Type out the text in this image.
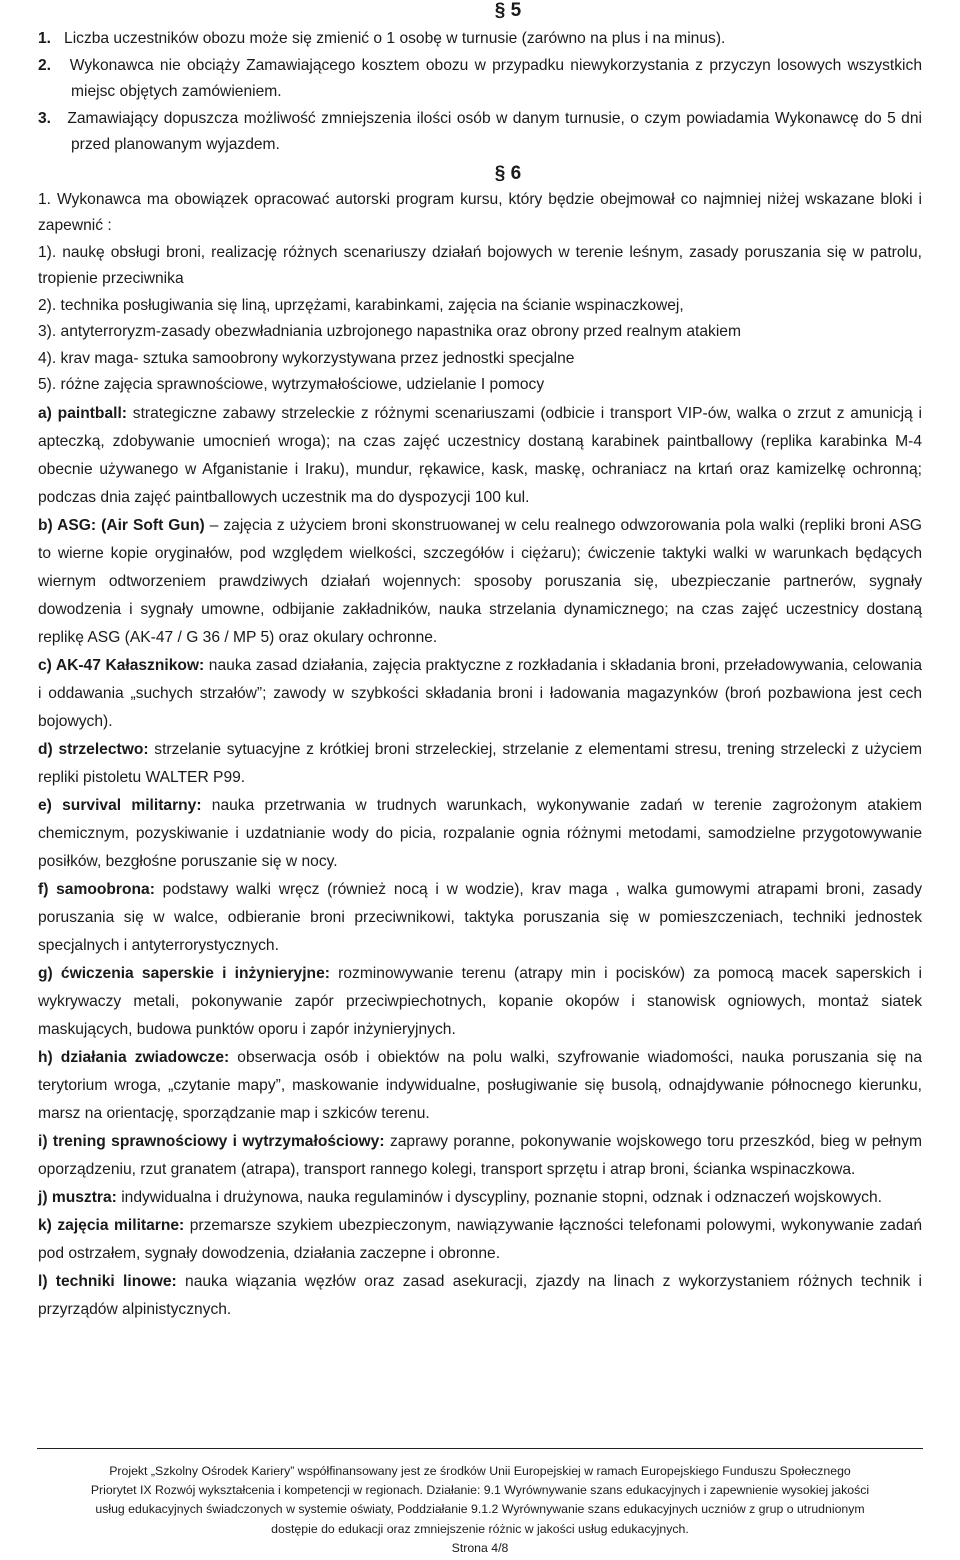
§ 5

1. Liczba uczestników obozu może się zmienić o 1 osobę w turnusie (zarówno na plus i na minus).

2. Wykonawca nie obciąży Zamawiającego kosztem obozu w przypadku niewykorzystania z przyczyn losowych wszystkich miejsc objętych zamówieniem.

3. Zamawiający dopuszcza możliwość zmniejszenia ilości osób w danym turnusie, o czym powiadamia Wykonawcę do 5 dni przed planowanym wyjazdem.

§ 6

1. Wykonawca ma obowiązek opracować autorski program kursu, który będzie obejmował co najmniej niżej wskazane bloki i zapewnić :

1). naukę obsługi broni, realizację różnych scenariuszy działań bojowych w terenie leśnym, zasady poruszania się w patrolu, tropienie przeciwnika

2). technika posługiwania się liną, uprzężami, karabinkami, zajęcia na ścianie wspinaczkowej,

3). antyterroryzm-zasady obezwładniania uzbrojonego napastnika oraz obrony przed realnym atakiem

4). krav maga- sztuka samoobrony wykorzystywana przez jednostki specjalne

5). różne zajęcia sprawnościowe, wytrzymałościowe, udzielanie I pomocy

a) paintball: strategiczne zabawy strzeleckie z różnymi scenariuszami (odbicie i transport VIP-ów, walka o zrzut z amunicją i apteczką, zdobywanie umocnień wroga); na czas zajęć uczestnicy dostaną karabinek paintballowy (replika karabinka M-4 obecnie używanego w Afganistanie i Iraku), mundur, rękawice, kask, maskę, ochraniacz na krtań oraz kamizelkę ochronną; podczas dnia zajęć paintballowych uczestnik ma do dyspozycji 100 kul.

b) ASG: (Air Soft Gun) – zajęcia z użyciem broni skonstruowanej w celu realnego odwzorowania pola walki (repliki broni ASG to wierne kopie oryginałów, pod względem wielkości, szczegółów i ciężaru); ćwiczenie taktyki walki w warunkach będących wiernym odtworzeniem prawdziwych działań wojennych: sposoby poruszania się, ubezpieczanie partnerów, sygnały dowodzenia i sygnały umowne, odbijanie zakładników, nauka strzelania dynamicznego; na czas zajęć uczestnicy dostaną replikę ASG (AK-47 / G 36 / MP 5) oraz okulary ochronne.

c) AK-47 Kałasznikow: nauka zasad działania, zajęcia praktyczne z rozkładania i składania broni, przeładowywania, celowania i oddawania „suchych strzałów”; zawody w szybkości składania broni i ładowania magazynków (broń pozbawiona jest cech bojowych).

d) strzelectwo: strzelanie sytuacyjne z krótkiej broni strzeleckiej, strzelanie z elementami stresu, trening strzelecki z użyciem repliki pistoletu WALTER P99.

e) survival militarny: nauka przetrwania w trudnych warunkach, wykonywanie zadań w terenie zagrożonym atakiem chemicznym, pozyskiwanie i uzdatnianie wody do picia, rozpalanie ognia różnymi metodami, samodzielne przygotowywanie posiłków, bezgłośne poruszanie się w nocy.

f) samoobrona: podstawy walki wręcz (również nocą i w wodzie), krav maga , walka gumowymi atrapami broni, zasady poruszania się w walce, odbieranie broni przeciwnikowi, taktyka poruszania się w pomieszczeniach, techniki jednostek specjalnych i antyterrorystycznych.

g) ćwiczenia saperskie i inżynieryjne: rozminowywanie terenu (atrapy min i pocisków) za pomocą macek saperskich i wykrywaczy metali, pokonywanie zapór przeciwpiechotnych, kopanie okopów i stanowisk ogniowych, montaż siatek maskujących, budowa punktów oporu i zapór inżynieryjnych.

h) działania zwiadowcze: obserwacja osób i obiektów na polu walki, szyfrowanie wiadomości, nauka poruszania się na terytorium wroga, „czytanie mapy”, maskowanie indywidualne, posługiwanie się busolą, odnajdywanie północnego kierunku, marsz na orientację, sporządzanie map i szkiców terenu.

i) trening sprawnościowy i wytrzymałościowy: zaprawy poranne, pokonywanie wojskowego toru przeszkód, bieg w pełnym oporządzeniu, rzut granatem (atrapa), transport rannego kolegi, transport sprzętu i atrap broni, ścianka wspinaczkowa.

j) musztra: indywidualna i drużynowa, nauka regulaminów i dyscypliny, poznanie stopni, odznak i odznaczeń wojskowych.

k) zajęcia militarne: przemarsze szykiem ubezpieczonym, nawiązywanie łączności telefonami polowymi, wykonywanie zadań pod ostrzałem, sygnały dowodzenia, działania zaczepne i obronne.

l) techniki linowe: nauka wiązania węzłów oraz zasad asekuracji, zjazdy na linach z wykorzystaniem różnych technik i przyrządów alpinistycznych.

Projekt „Szkolny Ośrodek Kariery” współfinansowany jest ze środków Unii Europejskiej w ramach Europejskiego Funduszu Społecznego
Priorytet IX Rozwój wykształcenia i kompetencji w regionach. Działanie: 9.1 Wyrównywanie szans edukacyjnych i zapewnienie wysokiej jakości
usług edukacyjnych świadczonych w systemie oświaty, Poddziałanie 9.1.2 Wyrównywanie szans edukacyjnych uczniów z grup o utrudnionym
dostępie do edukacji oraz zmniejszenie różnic w jakości usług edukacyjnych.
Strona 4/8
